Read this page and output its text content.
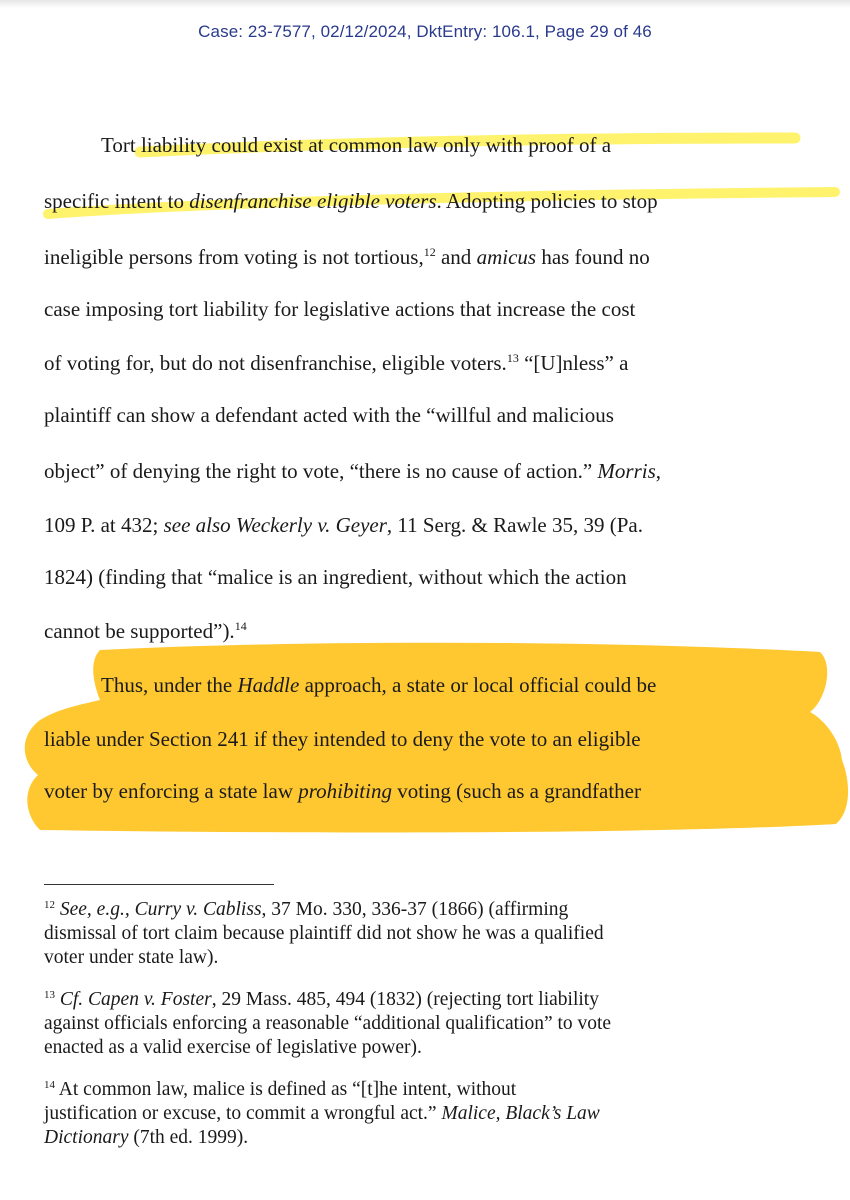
Case: 23-7577, 02/12/2024, DktEntry: 106.1, Page 29 of 46
Tort liability could exist at common law only with proof of a
specific intent to disenfranchise eligible voters. Adopting policies to stop
ineligible persons from voting is not tortious,$^{12}$ and amicus has found no
case imposing tort liability for legislative actions that increase the cost
of voting for, but do not disenfranchise, eligible voters.$^{13}$ “[U]nless” a
plaintiff can show a defendant acted with the “willful and malicious
object” of denying the right to vote, “there is no cause of action.” Morris,
109 P. at 432; see also Weckerly v. Geyer, 11 Serg. & Rawle 35, 39 (Pa.
1824) (finding that “malice is an ingredient, without which the action
cannot be supported”).$^{14}$
Thus, under the Haddle approach, a state or local official could be
liable under Section 241 if they intended to deny the vote to an eligible
voter by enforcing a state law prohibiting voting (such as a grandfather
$^{12}$ See, e.g., Curry v. Cabliss, 37 Mo. 330, 336-37 (1866) (affirming
dismissal of tort claim because plaintiff did not show he was a qualified
voter under state law).
$^{13}$ Cf. Capen v. Foster, 29 Mass. 485, 494 (1832) (rejecting tort liability
against officials enforcing a reasonable “additional qualification” to vote
enacted as a valid exercise of legislative power).
$^{14}$ At common law, malice is defined as “[t]he intent, without
justification or excuse, to commit a wrongful act.” Malice, Black’s Law
Dictionary (7th ed. 1999).
